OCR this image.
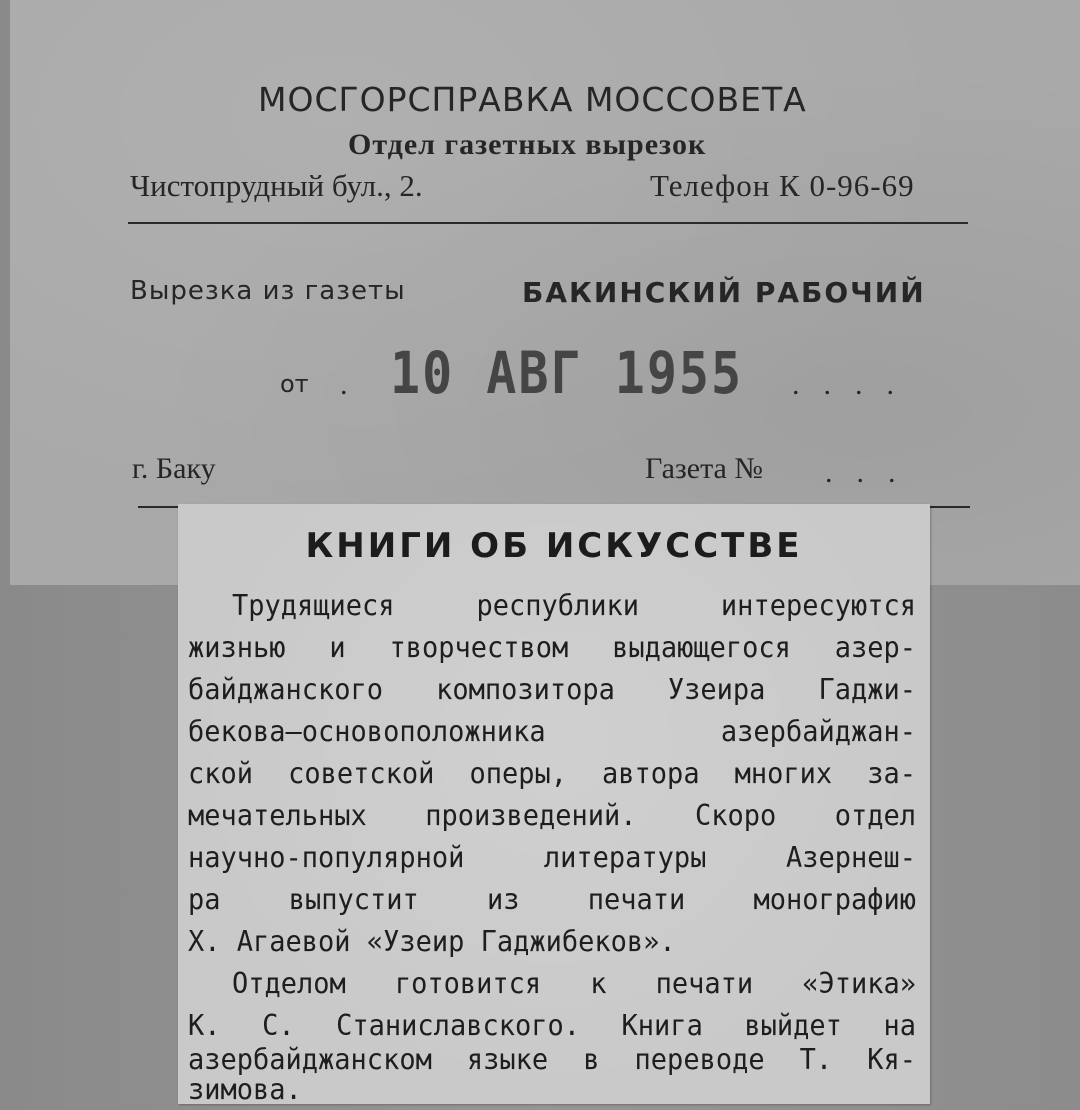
МОСГОРСПРАВКА МОССОВЕТА
Отдел газетных вырезок
Чистопрудный бул., 2.	Телефон К 0-96-69
Вырезка из газеты	БАКИНСКИЙ РАБОЧИЙ
от . 10 АВГ 1955 ....
г. Баку	Газета № ...
КНИГИ ОБ ИСКУССТВЕ
Трудящиеся республики интересуются
жизнью и творчеством выдающегося азер-
байджанского композитора Узеира Гаджи-
бекова—основоположника азербайджан-
ской советской оперы, автора многих за-
мечательных произведений. Скоро отдел
научно-популярной литературы Азернеш-
ра выпустит из печати монографию
Х. Агаевой «Узеир Гаджибеков».
Отделом готовится к печати «Этика»
К. С. Станиславского. Книга выйдет на
азербайджанском языке в переводе Т. Кя-
зимова.
